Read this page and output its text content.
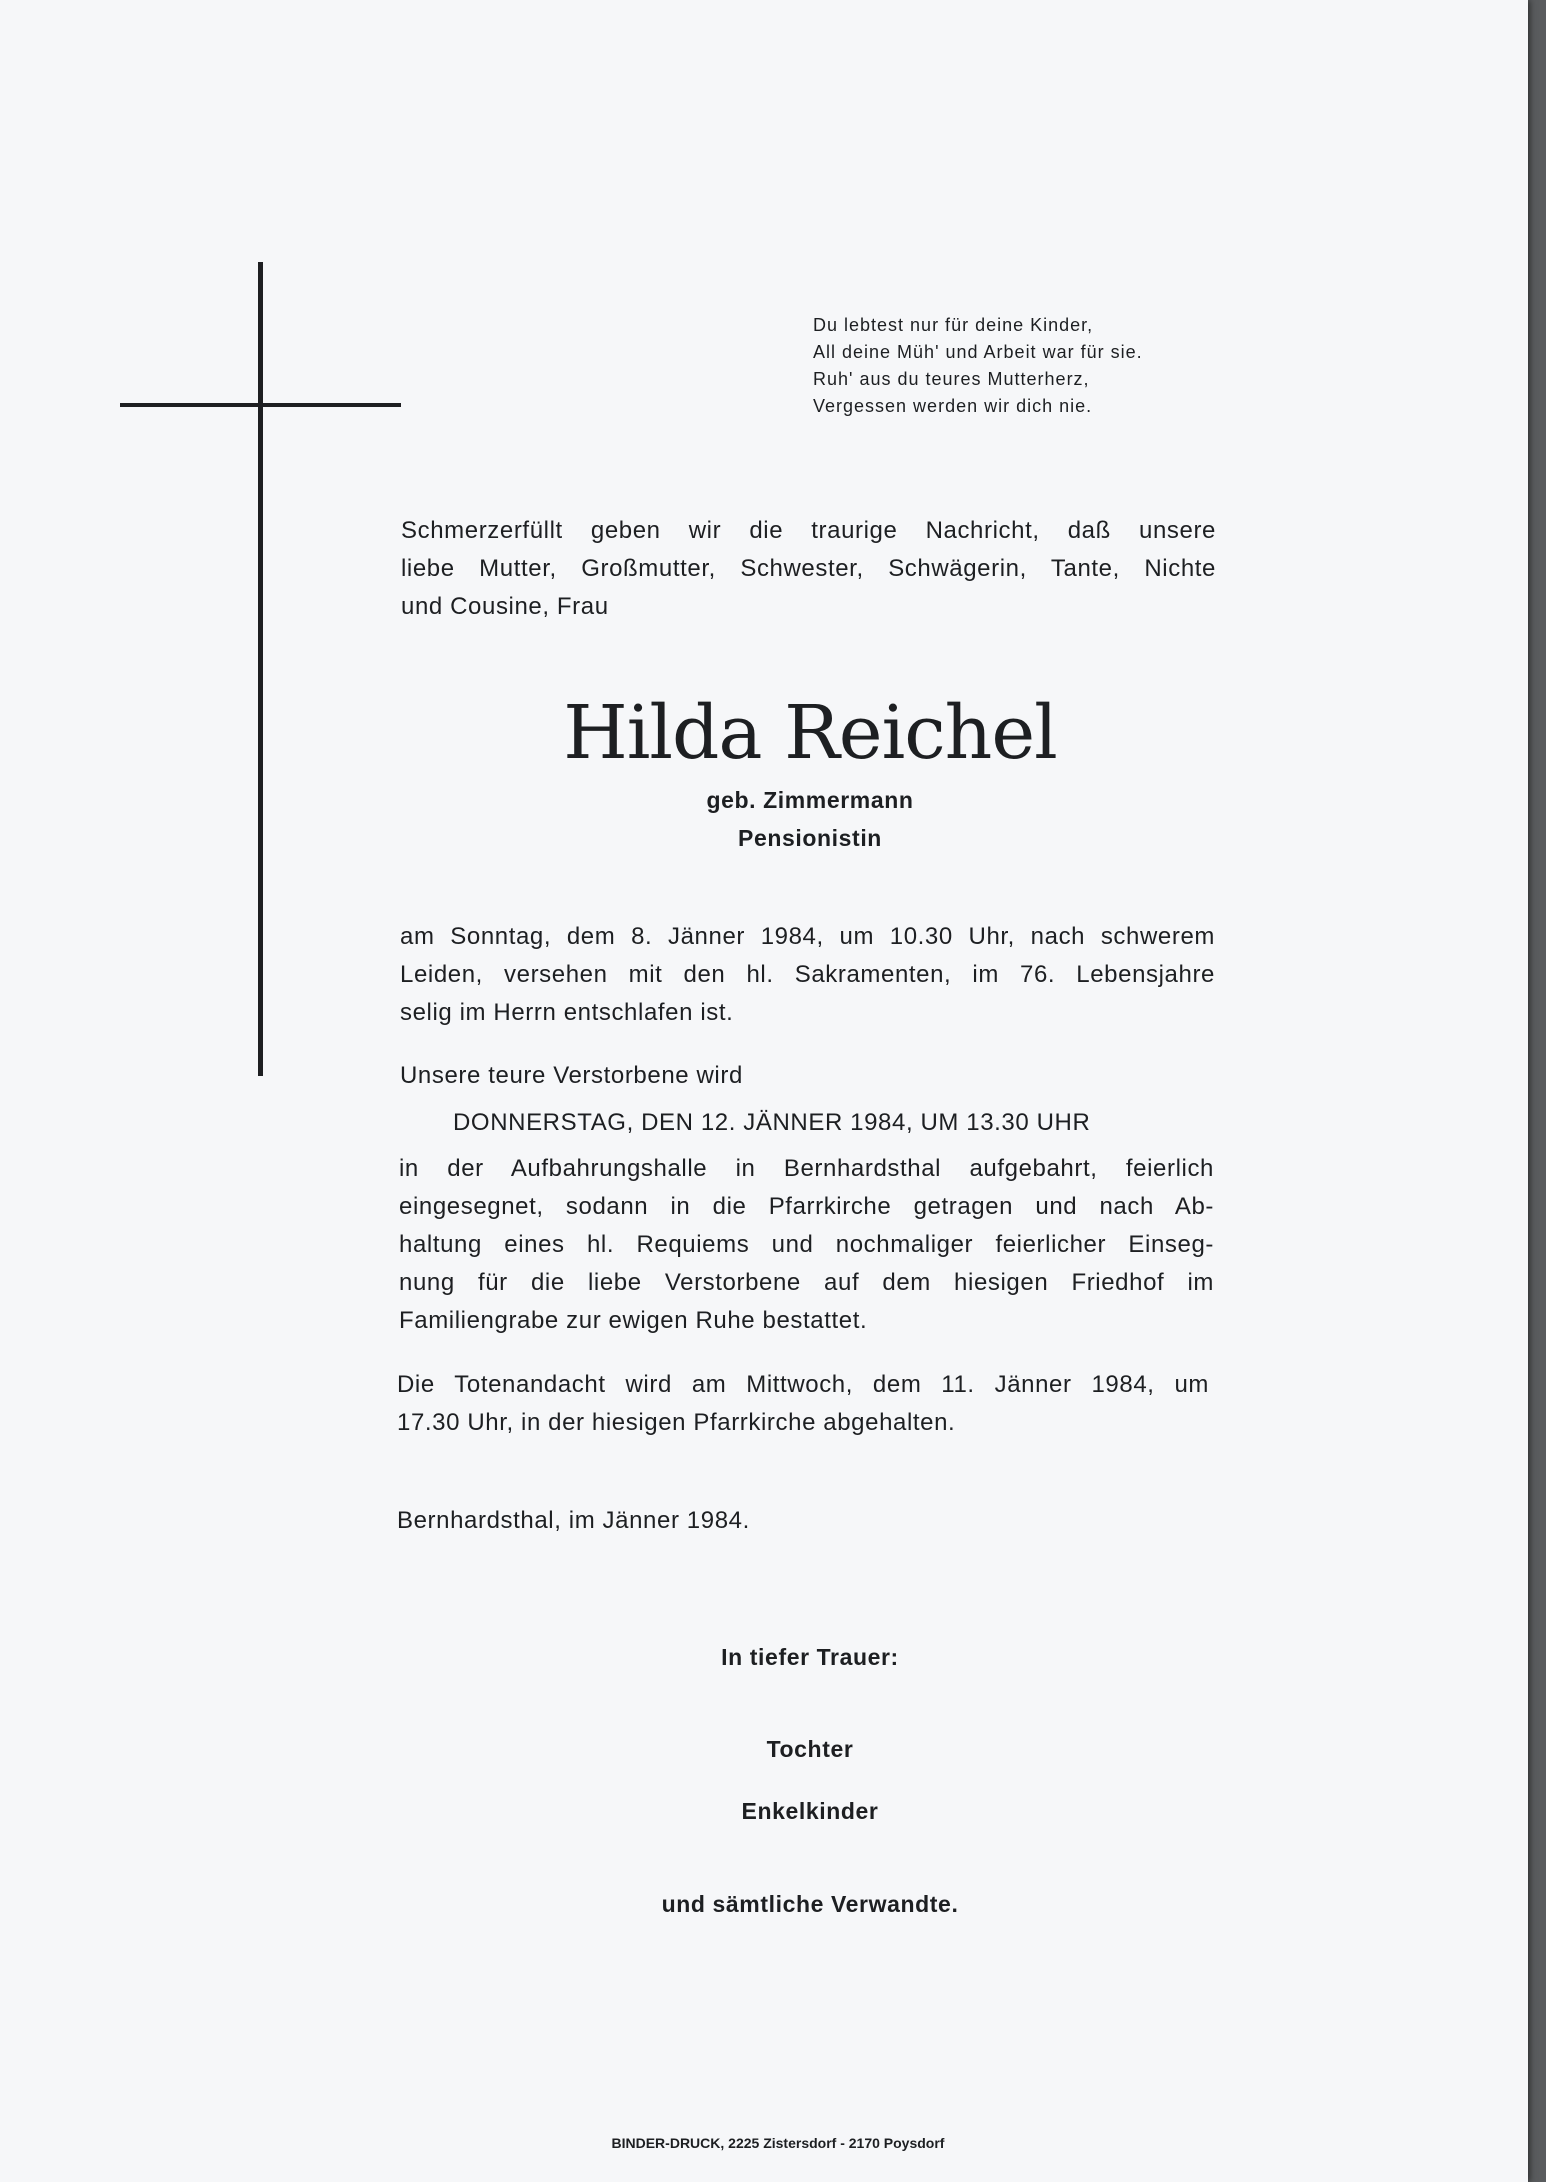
Du lebtest nur für deine Kinder,
All deine Müh' und Arbeit war für sie.
Ruh' aus du teures Mutterherz,
Vergessen werden wir dich nie.
Schmerzerfüllt geben wir die traurige Nachricht, daß unsere
liebe Mutter, Großmutter, Schwester, Schwägerin, Tante, Nichte
und Cousine, Frau
Hilda Reichel
geb. Zimmermann
Pensionistin
am Sonntag, dem 8. Jänner 1984, um 10.30 Uhr, nach schwerem
Leiden, versehen mit den hl. Sakramenten, im 76. Lebensjahre
selig im Herrn entschlafen ist.
Unsere teure Verstorbene wird
DONNERSTAG, DEN 12. JÄNNER 1984, UM 13.30 UHR
in der Aufbahrungshalle in Bernhardsthal aufgebahrt, feierlich
eingesegnet, sodann in die Pfarrkirche getragen und nach Ab-
haltung eines hl. Requiems und nochmaliger feierlicher Einseg-
nung für die liebe Verstorbene auf dem hiesigen Friedhof im
Familiengrabe zur ewigen Ruhe bestattet.
Die Totenandacht wird am Mittwoch, dem 11. Jänner 1984, um
17.30 Uhr, in der hiesigen Pfarrkirche abgehalten.
Bernhardsthal, im Jänner 1984.
In tiefer Trauer:
Tochter
Enkelkinder
und sämtliche Verwandte.
BINDER-DRUCK, 2225 Zistersdorf - 2170 Poysdorf
